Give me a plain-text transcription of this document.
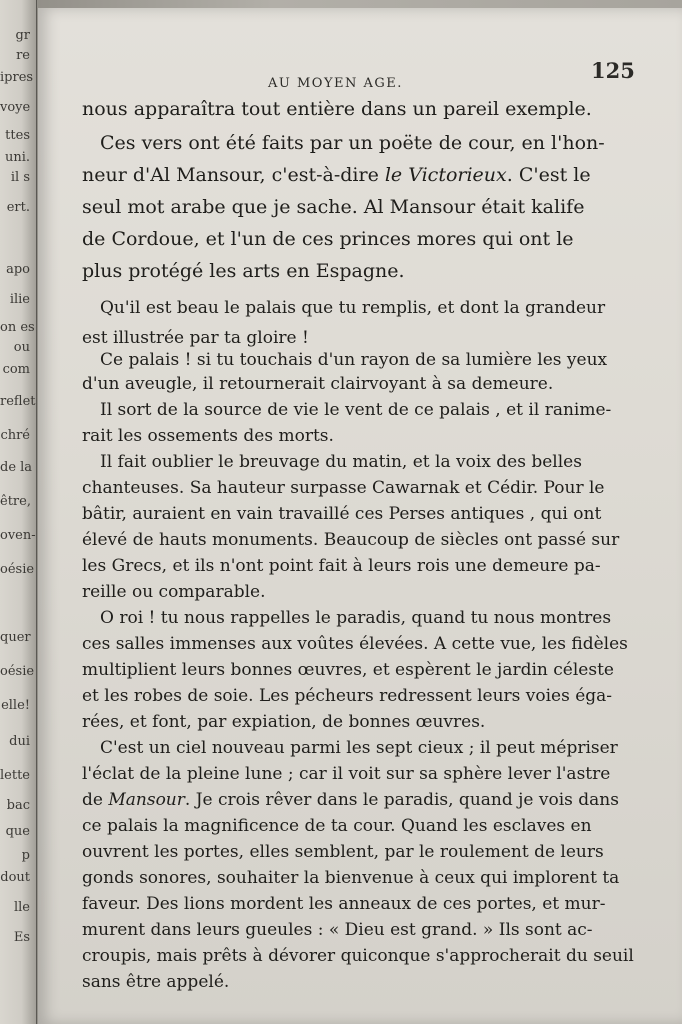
gr
re
ipres
voye
ttes
uni.
il s
ert.
apo
ilie
on es
ou
com
reflet
chré
de la
être,
oven-
oésie
quer
oésie
elle!
dui
lette
bac
que
p
dout
lle
Es
AU MOYEN AGE.
125
nous apparaîtra tout entière dans un pareil exemple.
Ces vers ont été faits par un poëte de cour, en l'hon-
neur d'Al Mansour, c'est-à-dire le Victorieux. C'est le
seul mot arabe que je sache. Al Mansour était kalife
de Cordoue, et l'un de ces princes mores qui ont le
plus protégé les arts en Espagne.
Qu'il est beau le palais que tu remplis, et dont la grandeur
est illustrée par ta gloire !
Ce palais ! si tu touchais d'un rayon de sa lumière les yeux
d'un aveugle, il retournerait clairvoyant à sa demeure.
Il sort de la source de vie le vent de ce palais , et il ranime-
rait les ossements des morts.
Il fait oublier le breuvage du matin, et la voix des belles
chanteuses. Sa hauteur surpasse Cawarnak et Cédir. Pour le
bâtir, auraient en vain travaillé ces Perses antiques , qui ont
élevé de hauts monuments. Beaucoup de siècles ont passé sur
les Grecs, et ils n'ont point fait à leurs rois une demeure pa-
reille ou comparable.
O roi ! tu nous rappelles le paradis, quand tu nous montres
ces salles immenses aux voûtes élevées. A cette vue, les fidèles
multiplient leurs bonnes œuvres, et espèrent le jardin céleste
et les robes de soie. Les pécheurs redressent leurs voies éga-
rées, et font, par expiation, de bonnes œuvres.
C'est un ciel nouveau parmi les sept cieux ; il peut mépriser
l'éclat de la pleine lune ; car il voit sur sa sphère lever l'astre
de Mansour. Je crois rêver dans le paradis, quand je vois dans
ce palais la magnificence de ta cour. Quand les esclaves en
ouvrent les portes, elles semblent, par le roulement de leurs
gonds sonores, souhaiter la bienvenue à ceux qui implorent ta
faveur. Des lions mordent les anneaux de ces portes, et mur-
murent dans leurs gueules : « Dieu est grand. » Ils sont ac-
croupis, mais prêts à dévorer quiconque s'approcherait du seuil
sans être appelé.
